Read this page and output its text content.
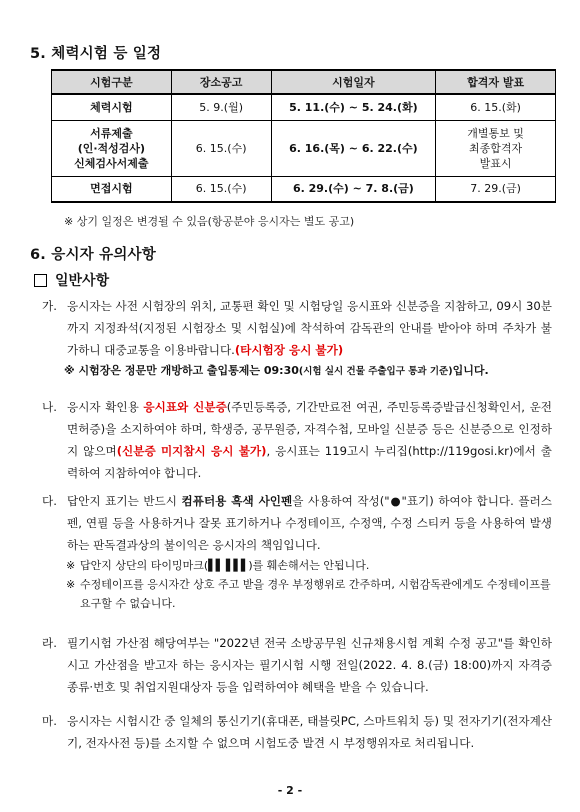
5. 체력시험 등 일정
시험구분	장소공고	시험일자	합격자 발표
체력시험	5. 9.(월)	5. 11.(수) ~ 5. 24.(화)	6. 15.(화)

서류제출
(인·적성검사)
신체검사서제출	6. 15.(수)	6. 16.(목) ~ 6. 22.(수)	개별통보 및
최종합격자
발표시

면접시험	6. 15.(수)	6. 29.(수) ~ 7. 8.(금)	7. 29.(금)
※ 상기 일정은 변경될 수 있음(항공분야 응시자는 별도 공고)
6. 응시자 유의사항
일반사항
가. 응시자는 사전 시험장의 위치, 교통편 확인 및 시험당일 응시표와 신분증을 지참하고, 09시 30분까지 지정좌석(지정된 시험장소 및 시험실)에 착석하여 감독관의 안내를 받아야 하며 주차가 불가하니 대중교통을 이용바랍니다.(타시험장 응시 불가)
※ 시험장은 정문만 개방하고 출입통제는 09:30(시험 실시 건물 주출입구 통과 기준)입니다.
나. 응시자 확인용 응시표와 신분증(주민등록증, 기간만료전 여권, 주민등록증발급신청확인서, 운전면허증)을 소지하여야 하며, 학생증, 공무원증, 자격수첩, 모바일 신분증 등은 신분증으로 인정하지 않으며(신분증 미지참시 응시 불가), 응시표는 119고시 누리집(http://119gosi.kr)에서 출력하여 지참하여야 합니다.
다. 답안지 표기는 반드시 컴퓨터용 흑색 사인펜을 사용하여 작성("●"표기) 하여야 합니다. 플러스펜, 연필 등을 사용하거나 잘못 표기하거나 수정테이프, 수정액, 수정 스티커 등을 사용하여 발생하는 판독결과상의 불이익은 응시자의 책임입니다.
※ 답안지 상단의 타이밍마크(▌▌ ▌▌▌)를 훼손해서는 안됩니다.
※ 수정테이프를 응시자간 상호 주고 받을 경우 부정행위로 간주하며, 시험감독관에게도 수정테이프를 요구할 수 없습니다.
라. 필기시험 가산점 해당여부는 "2022년 전국 소방공무원 신규채용시험 계획 수정 공고"를 확인하시고 가산점을 받고자 하는 응시자는 필기시험 시행 전일(2022. 4. 8.(금) 18:00)까지 자격증 종류·번호 및 취업지원대상자 등을 입력하여야 혜택을 받을 수 있습니다.
마. 응시자는 시험시간 중 일체의 통신기기(휴대폰, 태블릿PC, 스마트워치 등) 및 전자기기(전자계산기, 전자사전 등)를 소지할 수 없으며 시험도중 발견 시 부정행위자로 처리됩니다.
- 2 -
